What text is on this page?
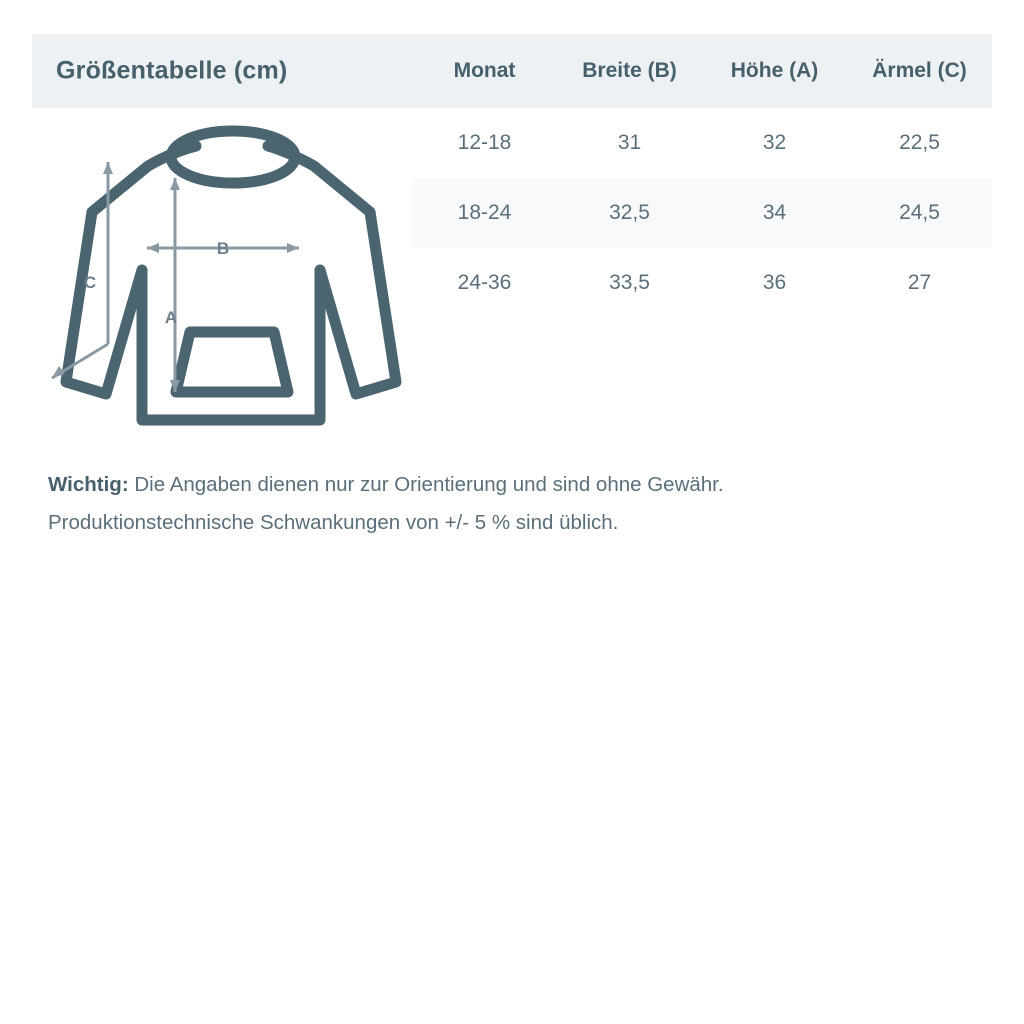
Größentabelle (cm)	Monat	Breite (B)	Höhe (A)	Ärmel (C)
12-18	31	32	22,5
18-24	32,5	34	24,5
24-36	33,5	36	27
B
A
C
Wichtig: Die Angaben dienen nur zur Orientierung und sind ohne Gewähr.
Produktionstechnische Schwankungen von +/- 5 % sind üblich.
